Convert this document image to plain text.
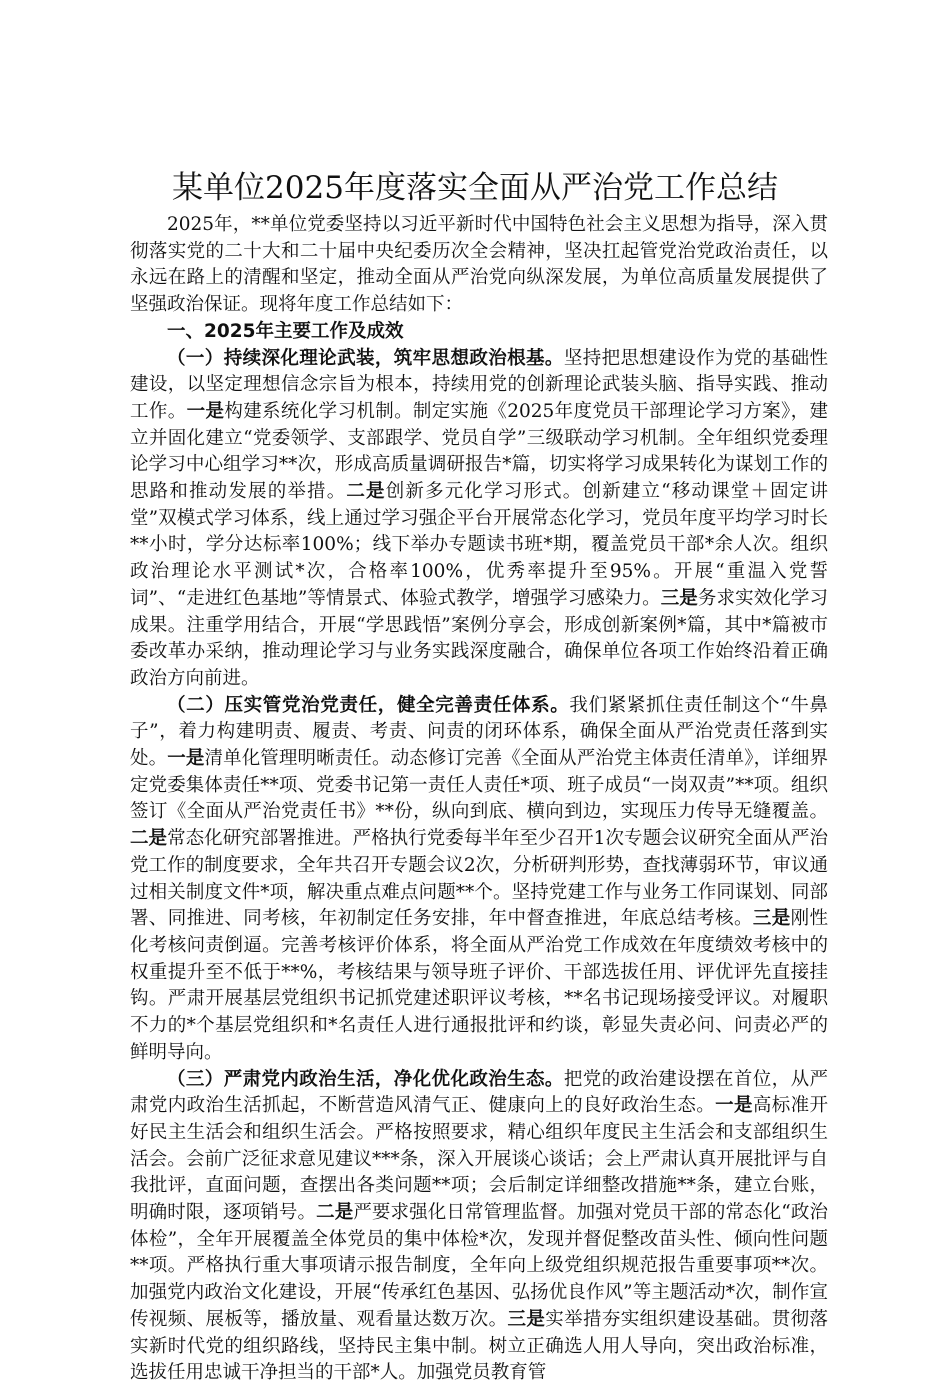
某单位2025年度落实全面从严治党工作总结

2025年，**单位党委坚持以习近平新时代中国特色社会主义思想为指导，深入贯彻落实党的二十大和二十届中央纪委历次全会精神，坚决扛起管党治党政治责任，以永远在路上的清醒和坚定，推动全面从严治党向纵深发展，为单位高质量发展提供了坚强政治保证。现将年度工作总结如下：

一、2025年主要工作及成效

（一）持续深化理论武装，筑牢思想政治根基。坚持把思想建设作为党的基础性建设，以坚定理想信念宗旨为根本，持续用党的创新理论武装头脑、指导实践、推动工作。一是构建系统化学习机制。制定实施《2025年度党员干部理论学习方案》，建立并固化建立“党委领学、支部跟学、党员自学”三级联动学习机制。全年组织党委理论学习中心组学习**次，形成高质量调研报告*篇，切实将学习成果转化为谋划工作的思路和推动发展的举措。二是创新多元化学习形式。创新建立“移动课堂＋固定讲堂”双模式学习体系，线上通过学习强企平台开展常态化学习，党员年度平均学习时长**小时，学分达标率100%；线下举办专题读书班*期，覆盖党员干部*余人次。组织政治理论水平测试*次，合格率100%，优秀率提升至95%。开展“重温入党誓词”、“走进红色基地”等情景式、体验式教学，增强学习感染力。三是务求实效化学习成果。注重学用结合，开展“学思践悟”案例分享会，形成创新案例*篇，其中*篇被市委改革办采纳，推动理论学习与业务实践深度融合，确保单位各项工作始终沿着正确政治方向前进。

（二）压实管党治党责任，健全完善责任体系。我们紧紧抓住责任制这个“牛鼻子”，着力构建明责、履责、考责、问责的闭环体系，确保全面从严治党责任落到实处。一是清单化管理明晰责任。动态修订完善《全面从严治党主体责任清单》，详细界定党委集体责任**项、党委书记第一责任人责任*项、班子成员“一岗双责”**项。组织签订《全面从严治党责任书》**份，纵向到底、横向到边，实现压力传导无缝覆盖。二是常态化研究部署推进。严格执行党委每半年至少召开1次专题会议研究全面从严治党工作的制度要求，全年共召开专题会议2次，分析研判形势，查找薄弱环节，审议通过相关制度文件*项，解决重点难点问题**个。坚持党建工作与业务工作同谋划、同部署、同推进、同考核，年初制定任务安排，年中督查推进，年底总结考核。三是刚性化考核问责倒逼。完善考核评价体系，将全面从严治党工作成效在年度绩效考核中的权重提升至不低于**%，考核结果与领导班子评价、干部选拔任用、评优评先直接挂钩。严肃开展基层党组织书记抓党建述职评议考核，**名书记现场接受评议。对履职不力的*个基层党组织和*名责任人进行通报批评和约谈，彰显失责必问、问责必严的鲜明导向。

（三）严肃党内政治生活，净化优化政治生态。把党的政治建设摆在首位，从严肃党内政治生活抓起，不断营造风清气正、健康向上的良好政治生态。一是高标准开好民主生活会和组织生活会。严格按照要求，精心组织年度民主生活会和支部组织生活会。会前广泛征求意见建议***条，深入开展谈心谈话；会上严肃认真开展批评与自我批评，直面问题，查摆出各类问题**项；会后制定详细整改措施**条，建立台账，明确时限，逐项销号。二是严要求强化日常管理监督。加强对党员干部的常态化“政治体检”，全年开展覆盖全体党员的集中体检*次，发现并督促整改苗头性、倾向性问题**项。严格执行重大事项请示报告制度，全年向上级党组织规范报告重要事项**次。加强党内政治文化建设，开展“传承红色基因、弘扬优良作风”等主题活动*次，制作宣传视频、展板等，播放量、观看量达数万次。三是实举措夯实组织建设基础。贯彻落实新时代党的组织路线，坚持民主集中制。树立正确选人用人导向，突出政治标准，选拔任用忠诚干净担当的干部*人。加强党员教育管
